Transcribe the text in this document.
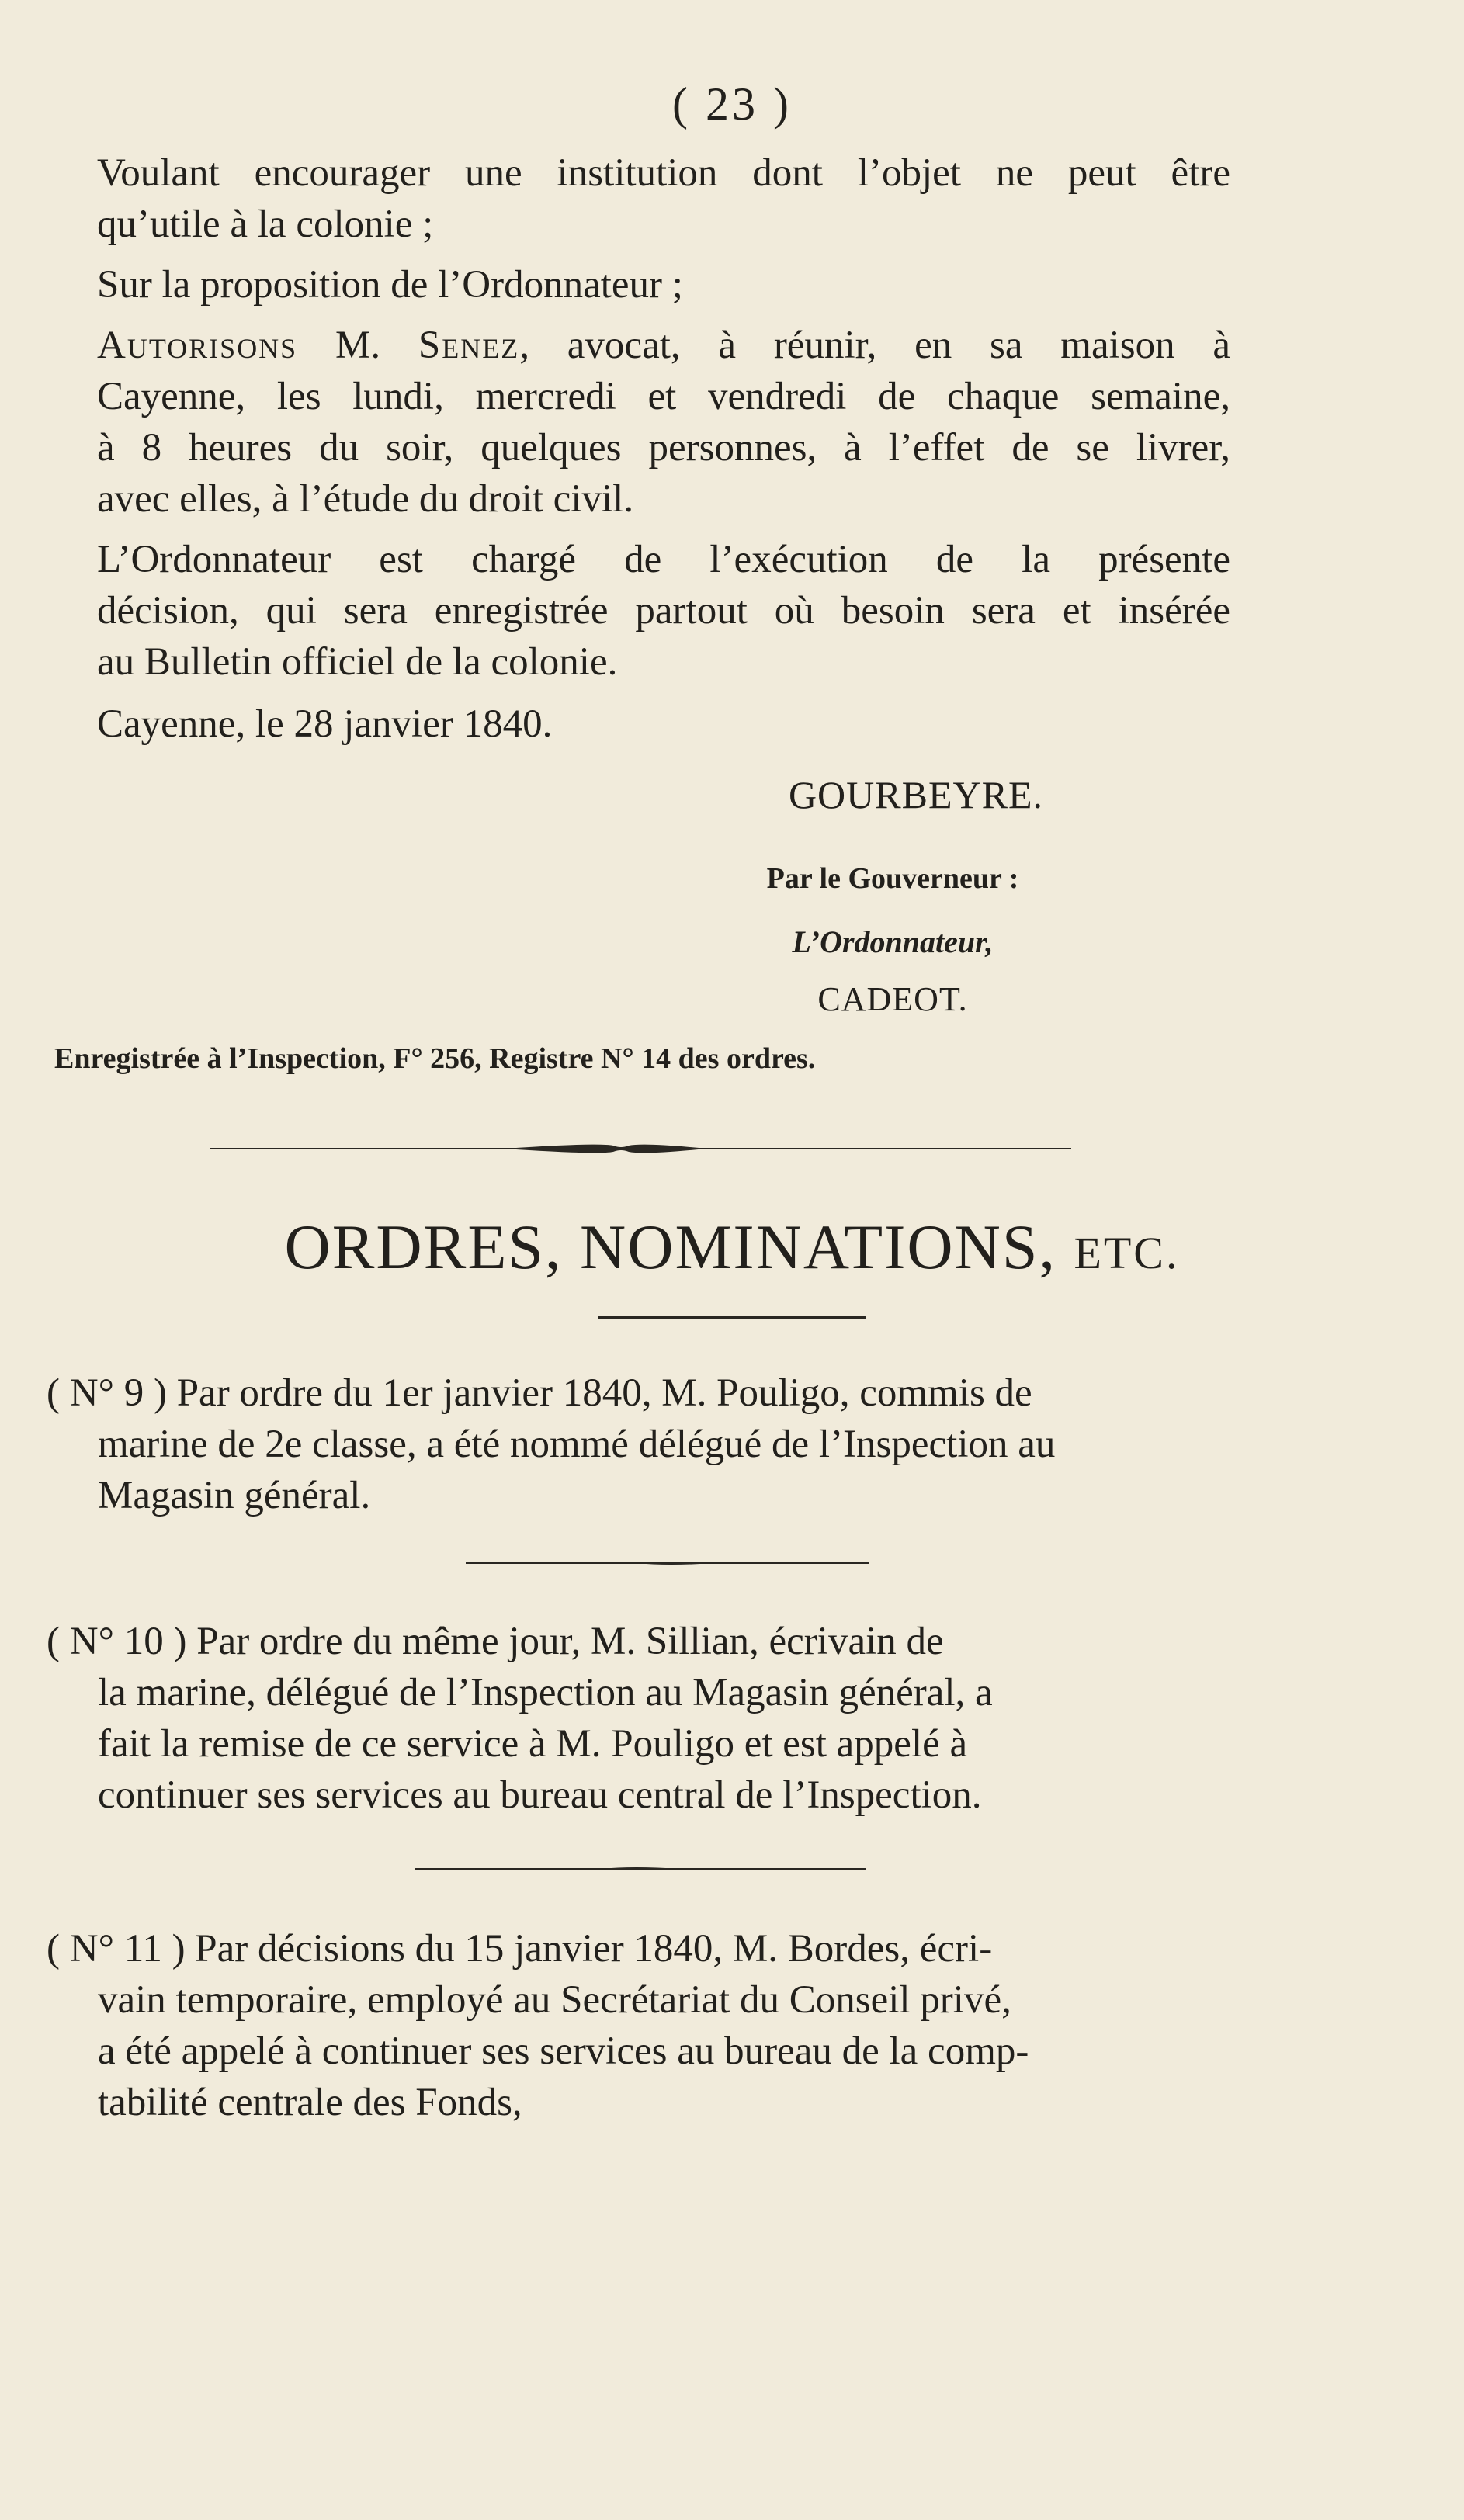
( 23 )
Voulant encourager une institution dont l’objet ne peut être
qu’utile à la colonie ;
Sur la proposition de l’Ordonnateur ;
Autorisons M. Senez, avocat, à réunir, en sa maison à
Cayenne, les lundi, mercredi et vendredi de chaque semaine,
à 8 heures du soir, quelques personnes, à l’effet de se livrer,
avec elles, à l’étude du droit civil.
L’Ordonnateur est chargé de l’exécution de la présente
décision, qui sera enregistrée partout où besoin sera et insérée
au Bulletin officiel de la colonie.
Cayenne, le 28 janvier 1840.
GOURBEYRE.
Par le Gouverneur :
L’Ordonnateur,
CADEOT.
Enregistrée à l’Inspection, F° 256, Registre N° 14 des ordres.
ORDRES, NOMINATIONS, ETC.
( N° 9 ) Par ordre du 1er janvier 1840, M. Pouligo, commis de
marine de 2e classe, a été nommé délégué de l’Inspection au
Magasin général.
( N° 10 ) Par ordre du même jour, M. Sillian, écrivain de
la marine, délégué de l’Inspection au Magasin général, a
fait la remise de ce service à M. Pouligo et est appelé à
continuer ses services au bureau central de l’Inspection.
( N° 11 ) Par décisions du 15 janvier 1840, M. Bordes, écri-
vain temporaire, employé au Secrétariat du Conseil privé,
a été appelé à continuer ses services au bureau de la comp-
tabilité centrale des Fonds,
